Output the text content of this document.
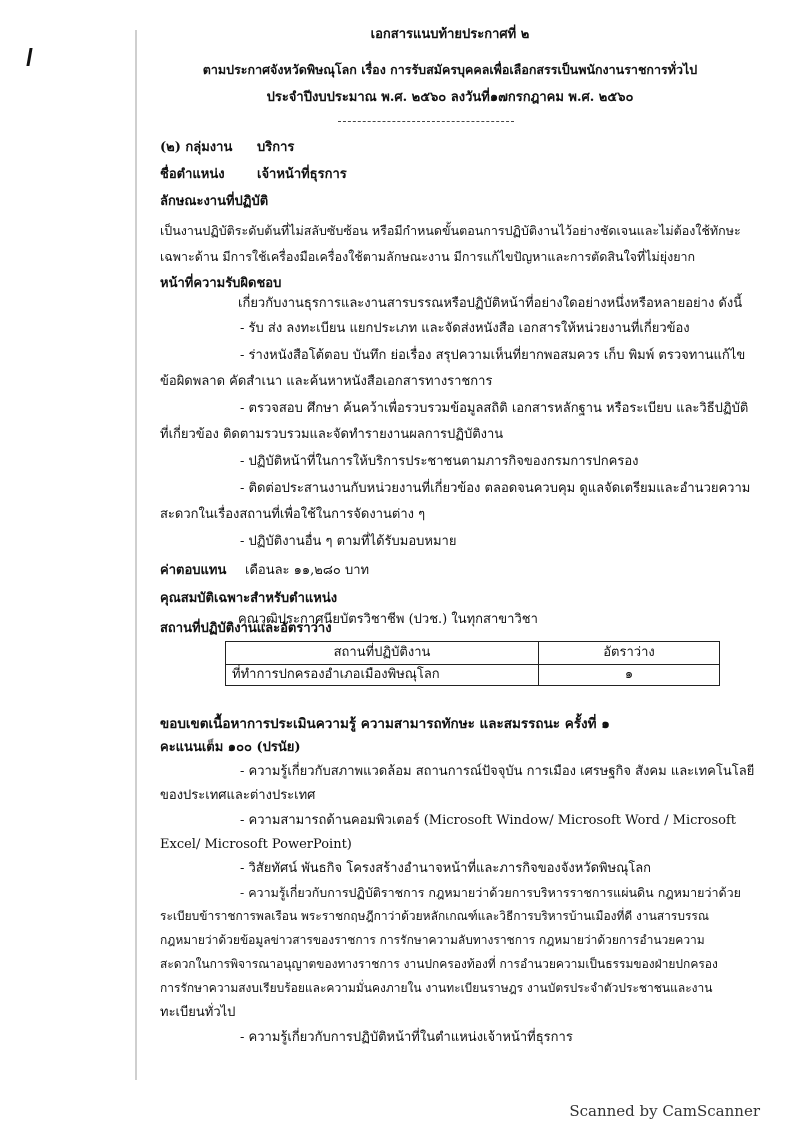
เอกสารแนบท้ายประกาศที่ ๒
ตามประกาศจังหวัดพิษณุโลก เรื่อง การรับสมัครบุคคลเพื่อเลือกสรรเป็นพนักงานราชการทั่วไป
ประจำปีงบประมาณ พ.ศ. ๒๕๖๐ ลงวันที่๑๗กรกฎาคม พ.ศ. ๒๕๖๐
(๒) กลุ่มงาน บริการ
ชื่อตำแหน่ง เจ้าหน้าที่ธุรการ
ลักษณะงานที่ปฏิบัติ
เป็นงานปฏิบัติระดับต้นที่ไม่สลับซับซ้อน หรือมีกำหนดขั้นตอนการปฏิบัติงานไว้อย่างชัดเจนและไม่ต้องใช้ทักษะ
เฉพาะด้าน มีการใช้เครื่องมือเครื่องใช้ตามลักษณะงาน มีการแก้ไขปัญหาและการตัดสินใจที่ไม่ยุ่งยาก
หน้าที่ความรับผิดชอบ
เกี่ยวกับงานธุรการและงานสารบรรณหรือปฏิบัติหน้าที่อย่างใดอย่างหนึ่งหรือหลายอย่าง ดังนี้
- รับ ส่ง ลงทะเบียน แยกประเภท และจัดส่งหนังสือ เอกสารให้หน่วยงานที่เกี่ยวข้อง
- ร่างหนังสือโต้ตอบ บันทึก ย่อเรื่อง สรุปความเห็นที่ยากพอสมควร เก็บ พิมพ์ ตรวจทานแก้ไข
ข้อผิดพลาด คัดสำเนา และค้นหาหนังสือเอกสารทางราชการ
- ตรวจสอบ ศึกษา ค้นคว้าเพื่อรวบรวมข้อมูลสถิติ เอกสารหลักฐาน หรือระเบียบ และวิธีปฏิบัติ
ที่เกี่ยวข้อง ติดตามรวบรวมและจัดทำรายงานผลการปฏิบัติงาน
- ปฏิบัติหน้าที่ในการให้บริการประชาชนตามภารกิจของกรมการปกครอง
- ติดต่อประสานงานกับหน่วยงานที่เกี่ยวข้อง ตลอดจนควบคุม ดูแลจัดเตรียมและอำนวยความ
สะดวกในเรื่องสถานที่เพื่อใช้ในการจัดงานต่าง ๆ
- ปฏิบัติงานอื่น ๆ ตามที่ได้รับมอบหมาย
ค่าตอบแทน เดือนละ ๑๑,๒๘๐ บาท
คุณสมบัติเฉพาะสำหรับตำแหน่ง
คุณวุฒิประกาศนียบัตรวิชาชีพ (ปวช.) ในทุกสาขาวิชา
สถานที่ปฏิบัติงานและอัตราว่าง
สถานที่ปฏิบัติงาน	อัตราว่าง
ที่ทำการปกครองอำเภอเมืองพิษณุโลก	๑
ขอบเขตเนื้อหาการประเมินความรู้ ความสามารถทักษะ และสมรรถนะ ครั้งที่ ๑
คะแนนเต็ม ๑๐๐ (ปรนัย)
- ความรู้เกี่ยวกับสภาพแวดล้อม สถานการณ์ปัจจุบัน การเมือง เศรษฐกิจ สังคม และเทคโนโลยี
ของประเทศและต่างประเทศ
- ความสามารถด้านคอมพิวเตอร์ (Microsoft Window/ Microsoft Word / Microsoft
Excel/ Microsoft PowerPoint)
- วิสัยทัศน์ พันธกิจ โครงสร้างอำนาจหน้าที่และภารกิจของจังหวัดพิษณุโลก
- ความรู้เกี่ยวกับการปฏิบัติราชการ กฎหมายว่าด้วยการบริหารราชการแผ่นดิน กฎหมายว่าด้วย
ระเบียบข้าราชการพลเรือน พระราชกฤษฎีกาว่าด้วยหลักเกณฑ์และวิธีการบริหารบ้านเมืองที่ดี งานสารบรรณ
กฎหมายว่าด้วยข้อมูลข่าวสารของราชการ การรักษาความลับทางราชการ กฎหมายว่าด้วยการอำนวยความ
สะดวกในการพิจารณาอนุญาตของทางราชการ งานปกครองท้องที่ การอำนวยความเป็นธรรมของฝ่ายปกครอง
การรักษาความสงบเรียบร้อยและความมั่นคงภายใน งานทะเบียนราษฎร งานบัตรประจำตัวประชาชนและงาน
ทะเบียนทั่วไป
- ความรู้เกี่ยวกับการปฏิบัติหน้าที่ในตำแหน่งเจ้าหน้าที่ธุรการ
Scanned by CamScanner
